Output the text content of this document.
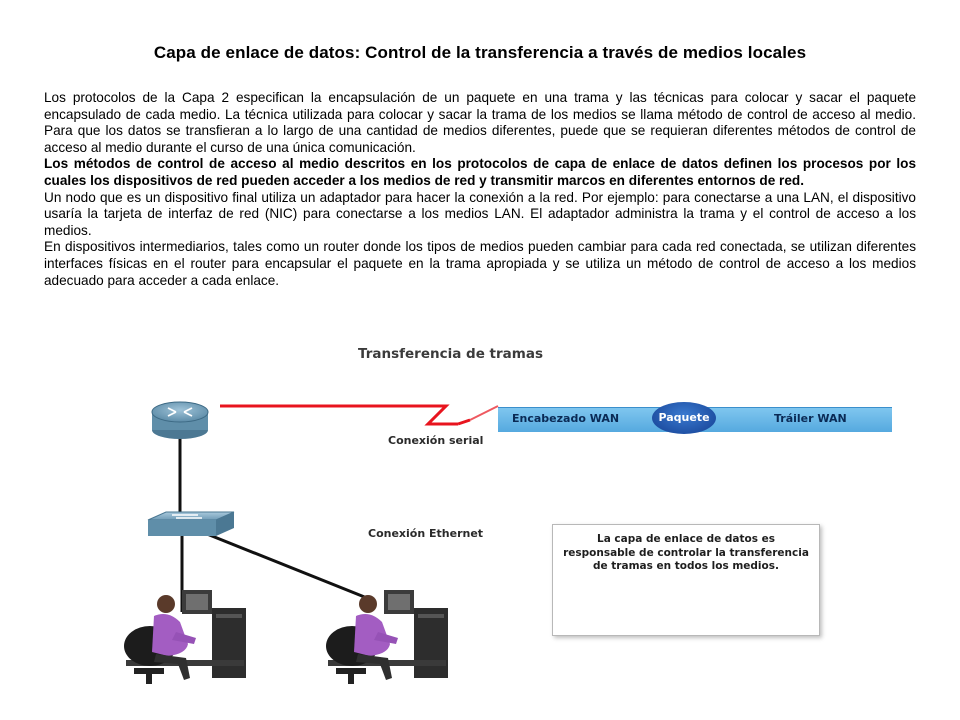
Capa de enlace de datos: Control de la transferencia a través de medios locales

Los protocolos de la Capa 2 especifican la encapsulación de un paquete en una trama y las técnicas para colocar y sacar el paquete encapsulado de cada medio. La técnica utilizada para colocar y sacar la trama de los medios se llama método de control de acceso al medio. Para que los datos se transfieran a lo largo de una cantidad de medios diferentes, puede que se requieran diferentes métodos de control de acceso al medio durante el curso de una única comunicación.

Los métodos de control de acceso al medio descritos en los protocolos de capa de enlace de datos definen los procesos por los cuales los dispositivos de red pueden acceder a los medios de red y transmitir marcos en diferentes entornos de red.

Un nodo que es un dispositivo final utiliza un adaptador para hacer la conexión a la red. Por ejemplo: para conectarse a una LAN, el dispositivo usaría la tarjeta de interfaz de red (NIC) para conectarse a los medios LAN. El adaptador administra la trama y el control de acceso a los medios.

En dispositivos intermediarios, tales como un router donde los tipos de medios pueden cambiar para cada red conectada, se utilizan diferentes interfaces físicas en el router para encapsular el paquete en la trama apropiada y se utiliza un método de control de acceso a los medios adecuado para acceder a cada enlace.

Transferencia de tramas
Encabezado WAN	Tráiler WAN
Paquete
Conexión serial
Conexión Ethernet	La capa de enlace de datos es responsable de controlar la transferencia de tramas en todos los medios.
